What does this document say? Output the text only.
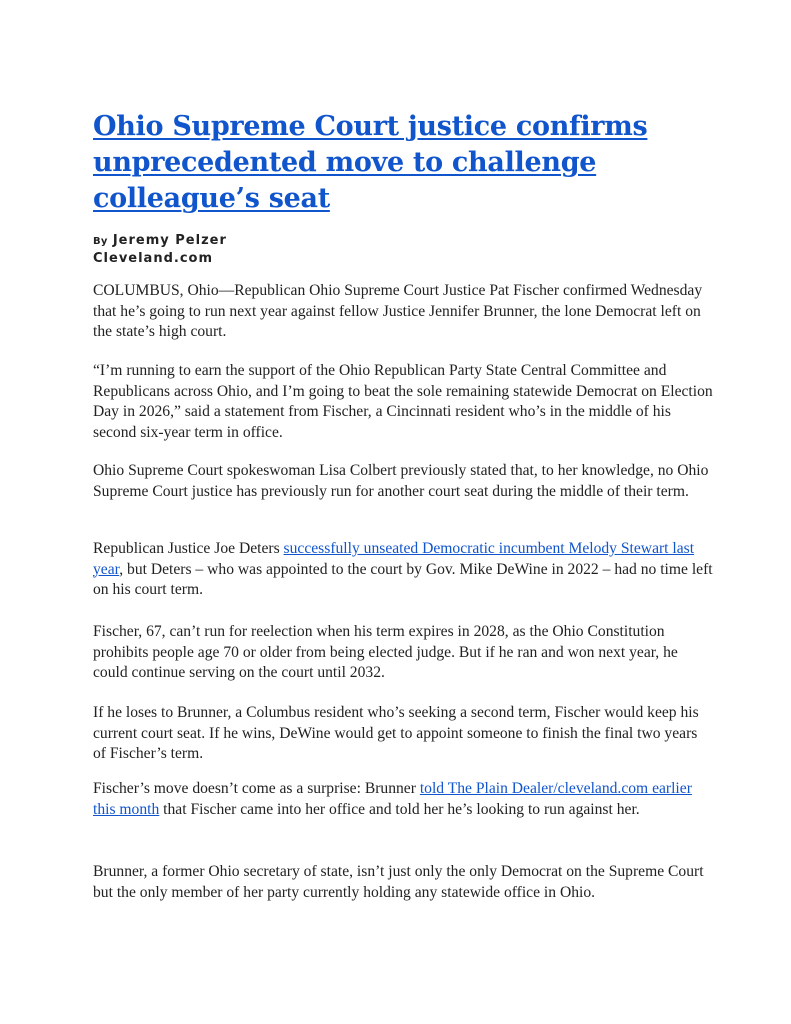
Ohio Supreme Court justice confirms unprecedented move to challenge colleague’s seat
By Jeremy Pelzer
Cleveland.com

COLUMBUS, Ohio—Republican Ohio Supreme Court Justice Pat Fischer confirmed Wednesday that he’s going to run next year against fellow Justice Jennifer Brunner, the lone Democrat left on the state’s high court.

“I’m running to earn the support of the Ohio Republican Party State Central Committee and Republicans across Ohio, and I’m going to beat the sole remaining statewide Democrat on Election Day in 2026,” said a statement from Fischer, a Cincinnati resident who’s in the middle of his second six-year term in office.

Ohio Supreme Court spokeswoman Lisa Colbert previously stated that, to her knowledge, no Ohio Supreme Court justice has previously run for another court seat during the middle of their term.

Republican Justice Joe Deters successfully unseated Democratic incumbent Melody Stewart last year, but Deters – who was appointed to the court by Gov. Mike DeWine in 2022 – had no time left on his court term.

Fischer, 67, can’t run for reelection when his term expires in 2028, as the Ohio Constitution prohibits people age 70 or older from being elected judge. But if he ran and won next year, he could continue serving on the court until 2032.

If he loses to Brunner, a Columbus resident who’s seeking a second term, Fischer would keep his current court seat. If he wins, DeWine would get to appoint someone to finish the final two years of Fischer’s term.

Fischer’s move doesn’t come as a surprise: Brunner told The Plain Dealer/cleveland.com earlier this month that Fischer came into her office and told her he’s looking to run against her.

Brunner, a former Ohio secretary of state, isn’t just only the only Democrat on the Supreme Court but the only member of her party currently holding any statewide office in Ohio.
